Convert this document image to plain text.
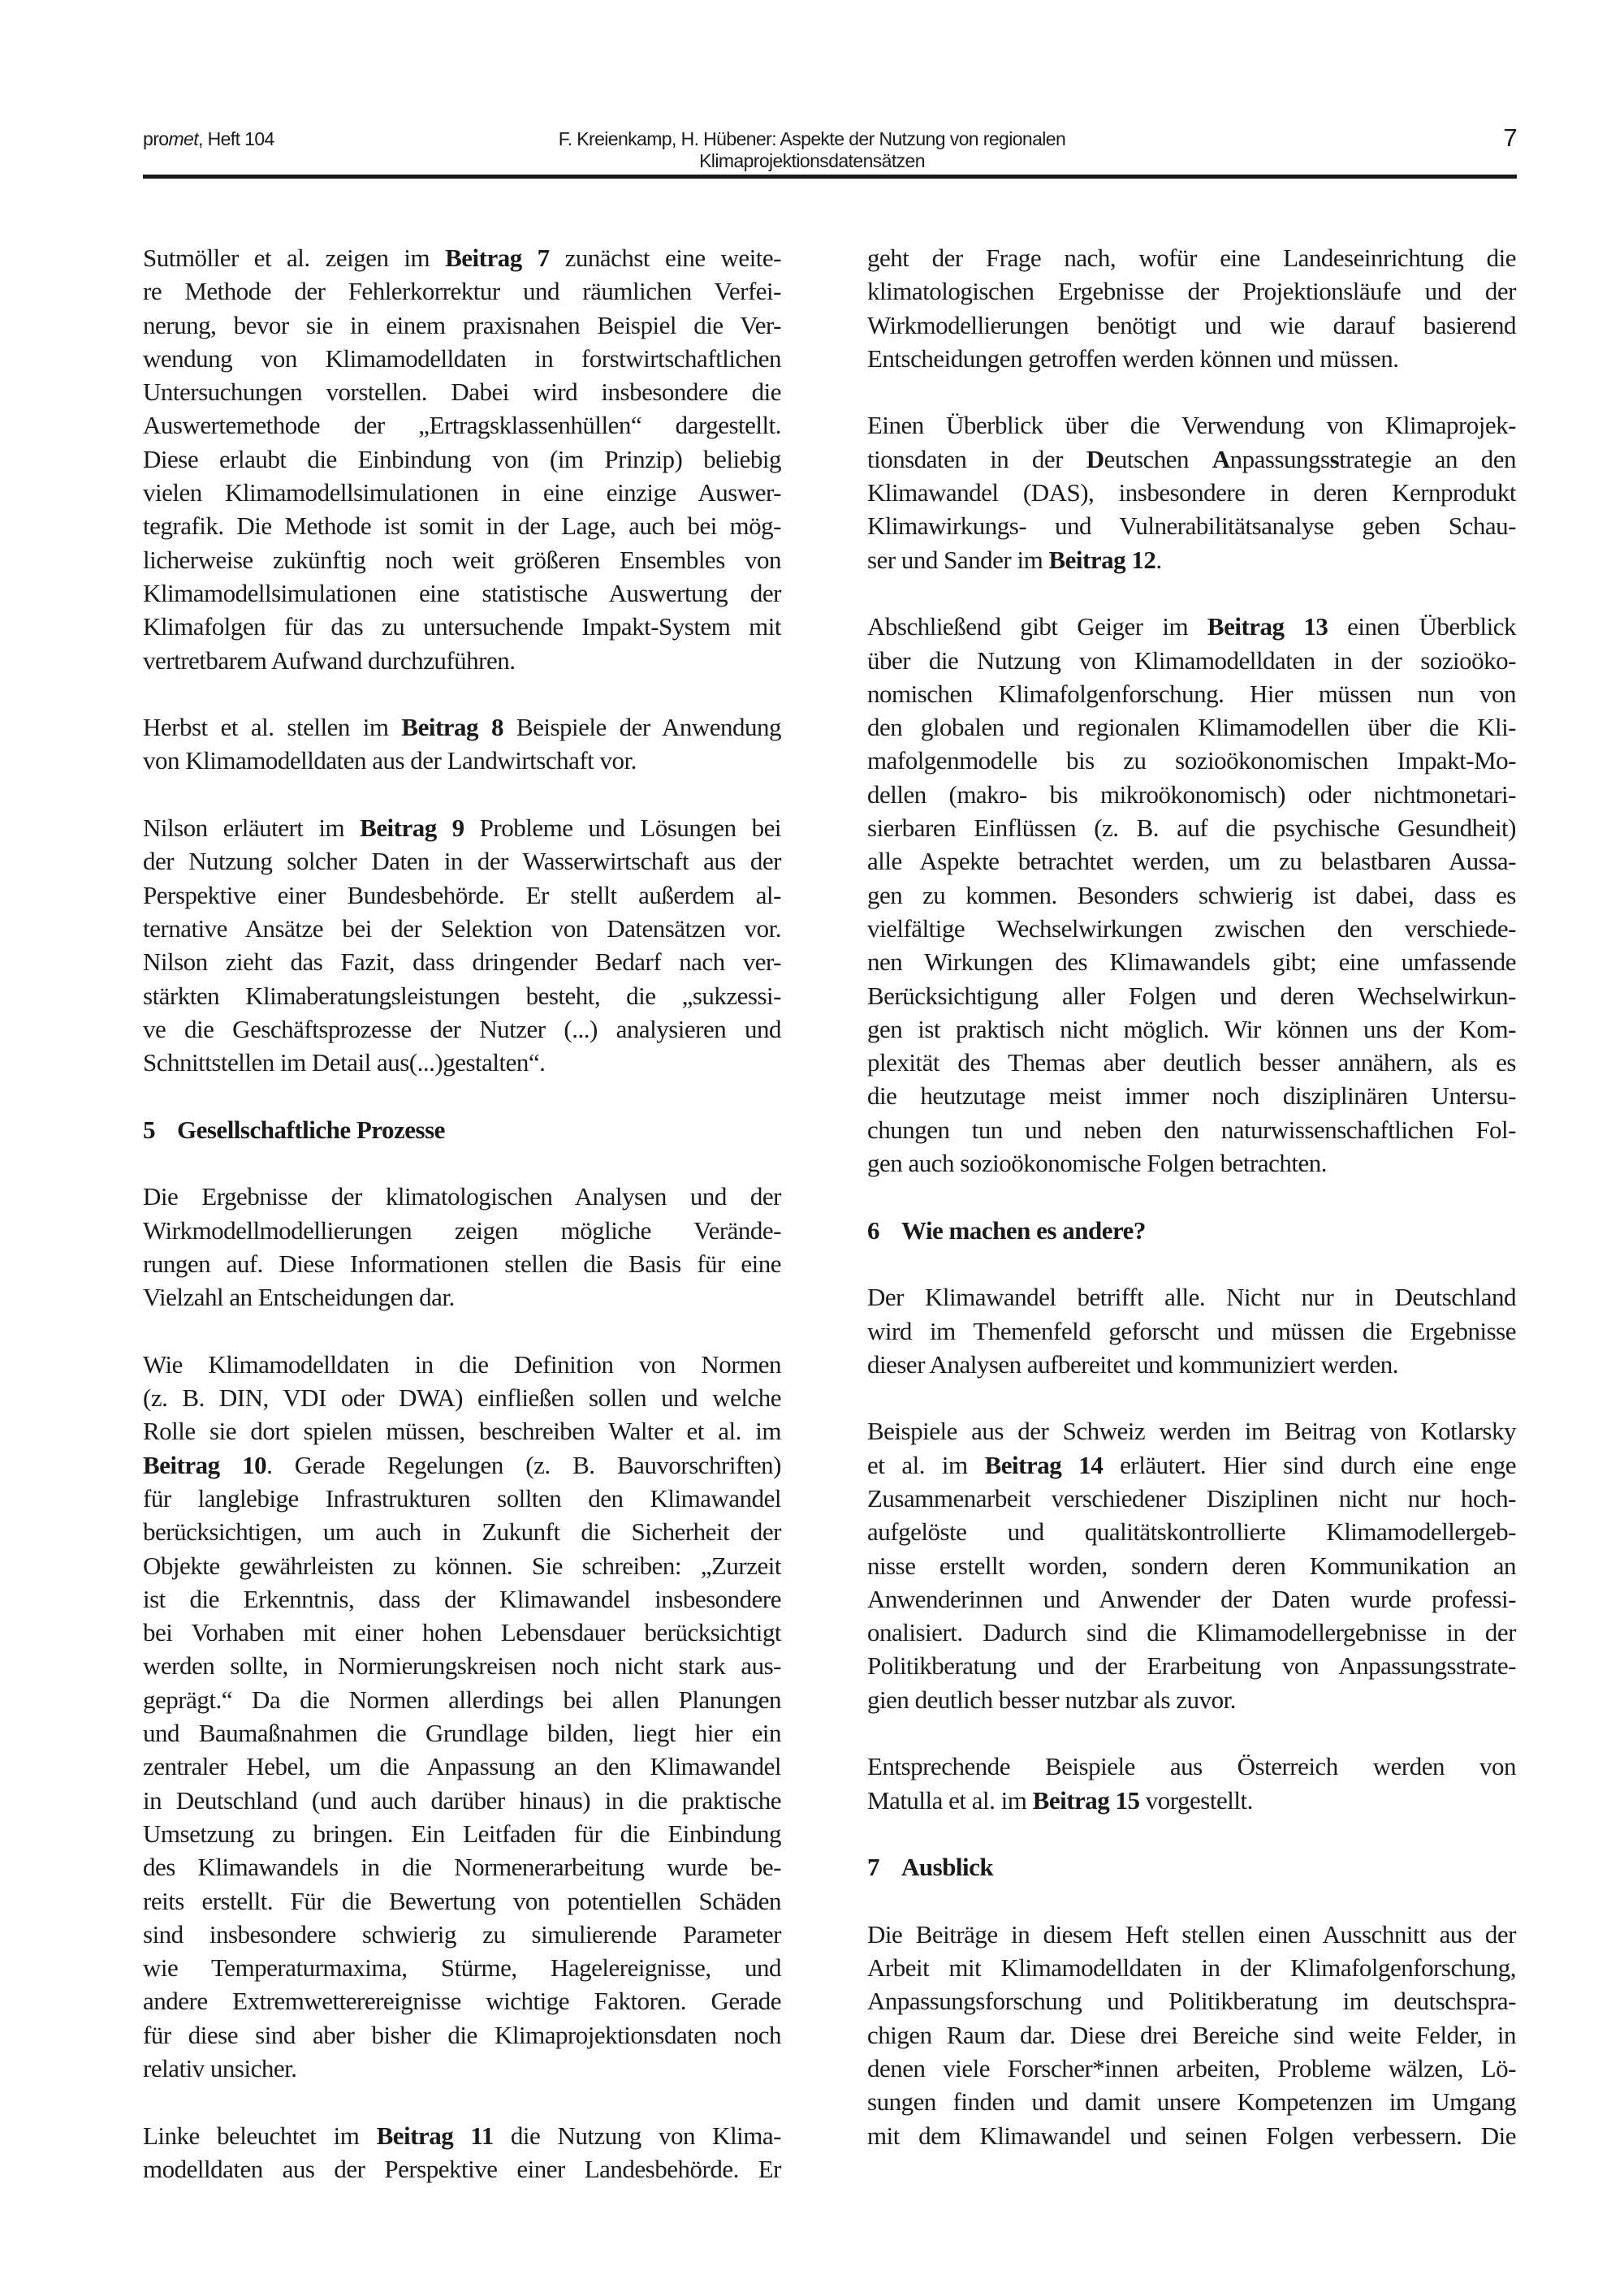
promet, Heft 104	F. Kreienkamp, H. Hübener: Aspekte der Nutzung von regionalen
Klimaprojektionsdatensätzen
7
Sutmöller et al. zeigen im Beitrag 7 zunächst eine weite-
re Methode der Fehlerkorrektur und räumlichen Verfei-
nerung, bevor sie in einem praxisnahen Beispiel die Ver-
wendung von Klimamodelldaten in forstwirtschaftlichen
Untersuchungen vorstellen. Dabei wird insbesondere die
Auswertemethode der „Ertragsklassenhüllen“ dargestellt.
Diese erlaubt die Einbindung von (im Prinzip) beliebig
vielen Klimamodellsimulationen in eine einzige Auswer-
tegrafik. Die Methode ist somit in der Lage, auch bei mög-
licherweise zukünftig noch weit größeren Ensembles von
Klimamodellsimulationen eine statistische Auswertung der
Klimafolgen für das zu untersuchende Impakt-System mit
vertretbarem Aufwand durchzuführen.
Herbst et al. stellen im Beitrag 8 Beispiele der Anwendung
von Klimamodelldaten aus der Landwirtschaft vor.
Nilson erläutert im Beitrag 9 Probleme und Lösungen bei
der Nutzung solcher Daten in der Wasserwirtschaft aus der
Perspektive einer Bundesbehörde. Er stellt außerdem al-
ternative Ansätze bei der Selektion von Datensätzen vor.
Nilson zieht das Fazit, dass dringender Bedarf nach ver-
stärkten Klimaberatungsleistungen besteht, die „sukzessi-
ve die Geschäftsprozesse der Nutzer (...) analysieren und
Schnittstellen im Detail aus(...)gestalten“.
5 Gesellschaftliche Prozesse
Die Ergebnisse der klimatologischen Analysen und der
Wirkmodellmodellierungen zeigen mögliche Verände-
rungen auf. Diese Informationen stellen die Basis für eine
Vielzahl an Entscheidungen dar.
Wie Klimamodelldaten in die Definition von Normen
(z. B. DIN, VDI oder DWA) einfließen sollen und welche
Rolle sie dort spielen müssen, beschreiben Walter et al. im
Beitrag 10. Gerade Regelungen (z. B. Bauvorschriften)
für langlebige Infrastrukturen sollten den Klimawandel
berücksichtigen, um auch in Zukunft die Sicherheit der
Objekte gewährleisten zu können. Sie schreiben: „Zurzeit
ist die Erkenntnis, dass der Klimawandel insbesondere
bei Vorhaben mit einer hohen Lebensdauer berücksichtigt
werden sollte, in Normierungskreisen noch nicht stark aus-
geprägt.“ Da die Normen allerdings bei allen Planungen
und Baumaßnahmen die Grundlage bilden, liegt hier ein
zentraler Hebel, um die Anpassung an den Klimawandel
in Deutschland (und auch darüber hinaus) in die praktische
Umsetzung zu bringen. Ein Leitfaden für die Einbindung
des Klimawandels in die Normenerarbeitung wurde be-
reits erstellt. Für die Bewertung von potentiellen Schäden
sind insbesondere schwierig zu simulierende Parameter
wie Temperaturmaxima, Stürme, Hagelereignisse, und
andere Extremwetterereignisse wichtige Faktoren. Gerade
für diese sind aber bisher die Klimaprojektionsdaten noch
relativ unsicher.
Linke beleuchtet im Beitrag 11 die Nutzung von Klima-
modelldaten aus der Perspektive einer Landesbehörde. Er
geht der Frage nach, wofür eine Landeseinrichtung die
klimatologischen Ergebnisse der Projektionsläufe und der
Wirkmodellierungen benötigt und wie darauf basierend
Entscheidungen getroffen werden können und müssen.
Einen Überblick über die Verwendung von Klimaprojek-
tionsdaten in der Deutschen Anpassungsstrategie an den
Klimawandel (DAS), insbesondere in deren Kernprodukt
Klimawirkungs- und Vulnerabilitätsanalyse geben Schau-
ser und Sander im Beitrag 12.
Abschließend gibt Geiger im Beitrag 13 einen Überblick
über die Nutzung von Klimamodelldaten in der sozioöko-
nomischen Klimafolgenforschung. Hier müssen nun von
den globalen und regionalen Klimamodellen über die Kli-
mafolgenmodelle bis zu sozioökonomischen Impakt-Mo-
dellen (makro- bis mikroökonomisch) oder nichtmonetari-
sierbaren Einflüssen (z. B. auf die psychische Gesundheit)
alle Aspekte betrachtet werden, um zu belastbaren Aussa-
gen zu kommen. Besonders schwierig ist dabei, dass es
vielfältige Wechselwirkungen zwischen den verschiede-
nen Wirkungen des Klimawandels gibt; eine umfassende
Berücksichtigung aller Folgen und deren Wechselwirkun-
gen ist praktisch nicht möglich. Wir können uns der Kom-
plexität des Themas aber deutlich besser annähern, als es
die heutzutage meist immer noch disziplinären Untersu-
chungen tun und neben den naturwissenschaftlichen Fol-
gen auch sozioökonomische Folgen betrachten.
6 Wie machen es andere?
Der Klimawandel betrifft alle. Nicht nur in Deutschland
wird im Themenfeld geforscht und müssen die Ergebnisse
dieser Analysen aufbereitet und kommuniziert werden.
Beispiele aus der Schweiz werden im Beitrag von Kotlarsky
et al. im Beitrag 14 erläutert. Hier sind durch eine enge
Zusammenarbeit verschiedener Disziplinen nicht nur hoch-
aufgelöste und qualitätskontrollierte Klimamodellergeb-
nisse erstellt worden, sondern deren Kommunikation an
Anwenderinnen und Anwender der Daten wurde professi-
onalisiert. Dadurch sind die Klimamodellergebnisse in der
Politikberatung und der Erarbeitung von Anpassungsstrate-
gien deutlich besser nutzbar als zuvor.
Entsprechende Beispiele aus Österreich werden von
Matulla et al. im Beitrag 15 vorgestellt.
7 Ausblick
Die Beiträge in diesem Heft stellen einen Ausschnitt aus der
Arbeit mit Klimamodelldaten in der Klimafolgenforschung,
Anpassungsforschung und Politikberatung im deutschspra-
chigen Raum dar. Diese drei Bereiche sind weite Felder, in
denen viele Forscher*innen arbeiten, Probleme wälzen, Lö-
sungen finden und damit unsere Kompetenzen im Umgang
mit dem Klimawandel und seinen Folgen verbessern. Die
